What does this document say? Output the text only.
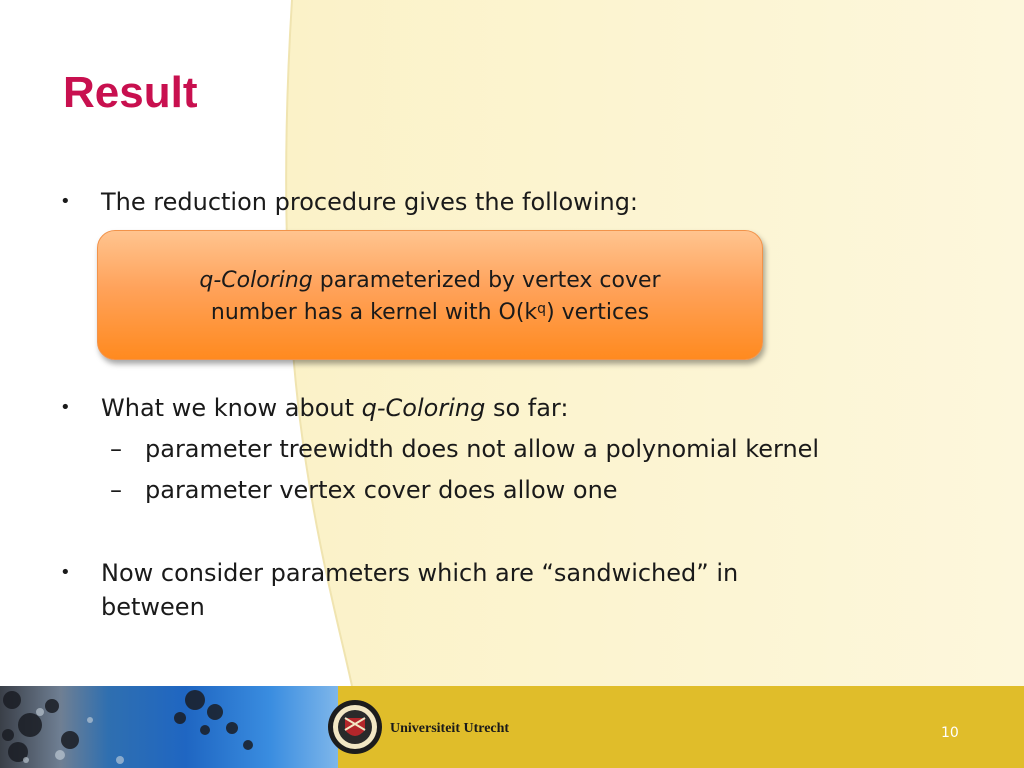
Result
• The reduction procedure gives the following:
q-Coloring parameterized by vertex cover
number has a kernel with $O(k^q)$ vertices
• What we know about q-Coloring so far:
– parameter treewidth does not allow a polynomial kernel
– parameter vertex cover does allow one
• Now consider parameters which are “sandwiched” in
between
Universiteit Utrecht	10
